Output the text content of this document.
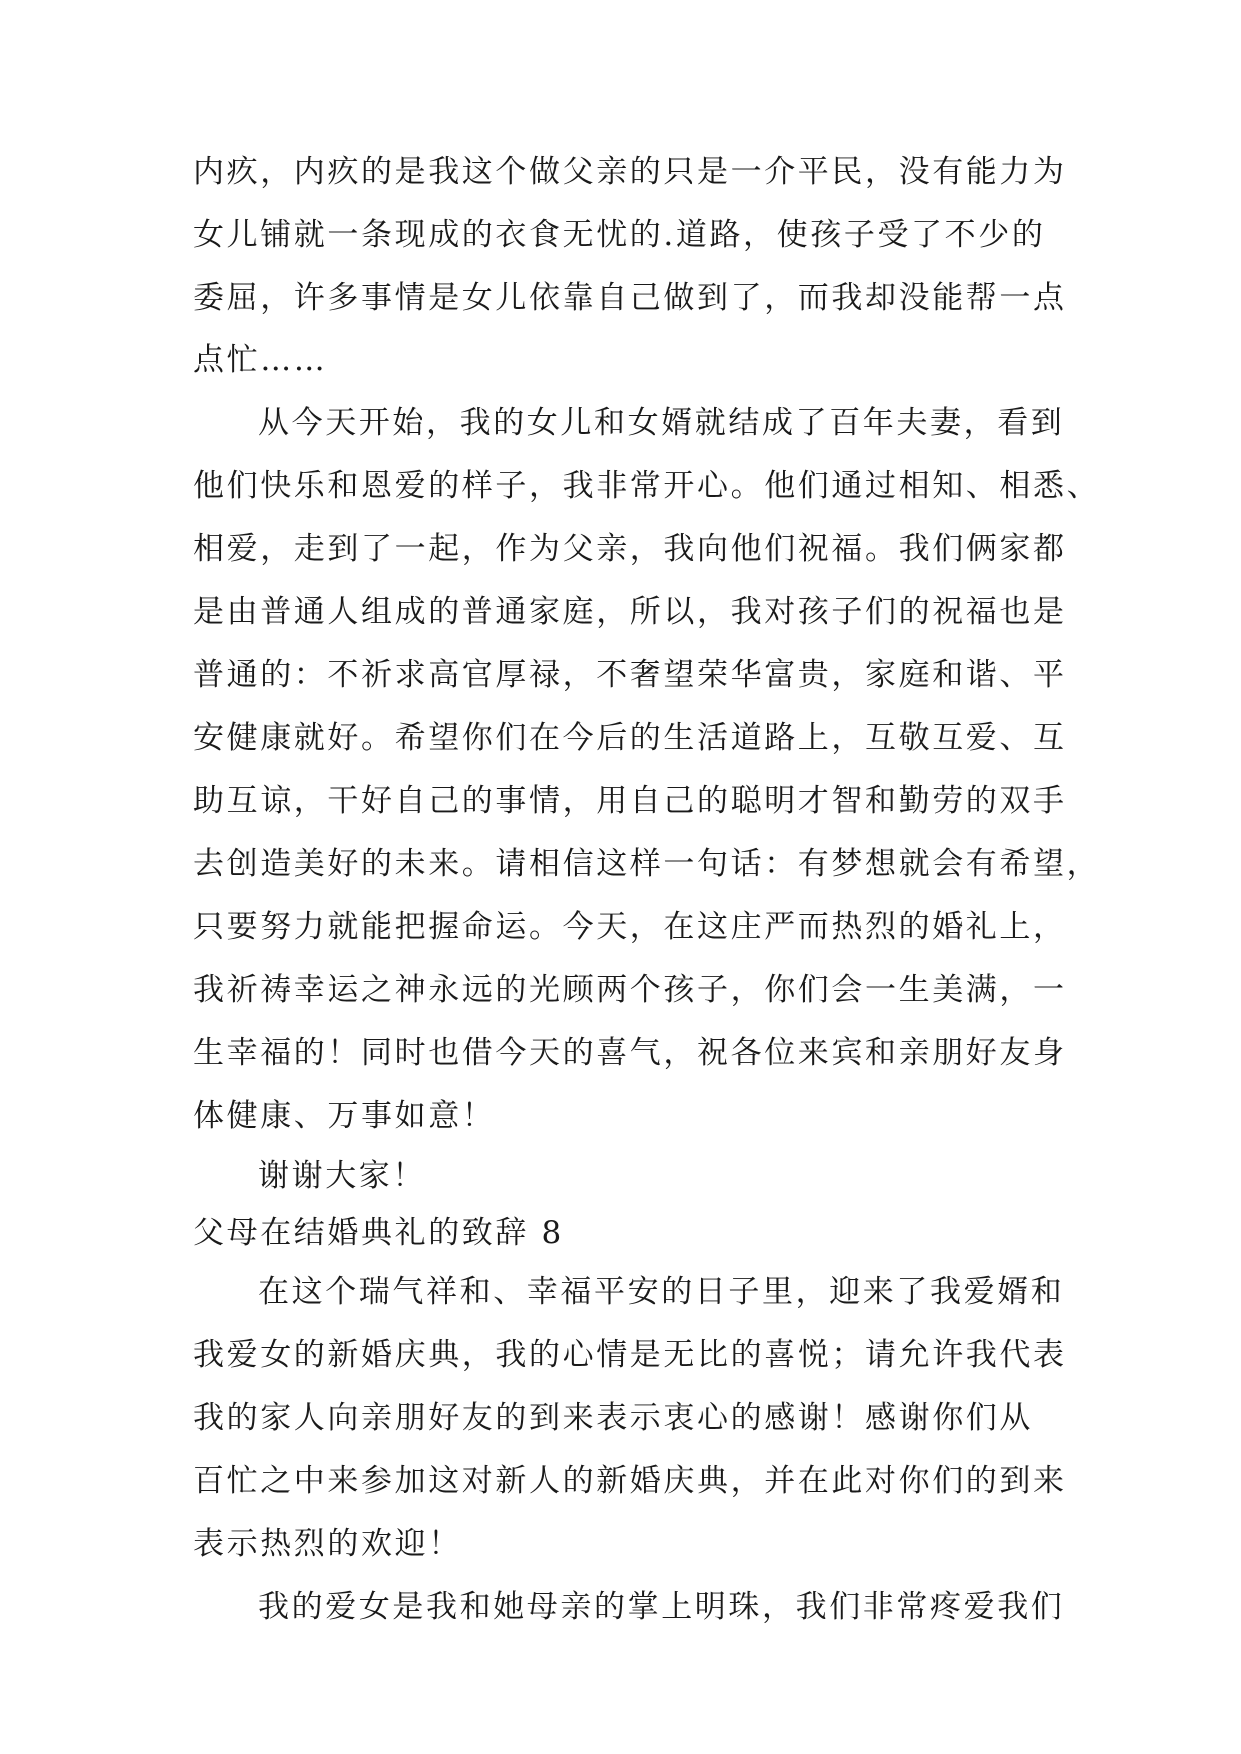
内疚，内疚的是我这个做父亲的只是一介平民，没有能力为
女儿铺就一条现成的衣食无忧的.道路，使孩子受了不少的
委屈，许多事情是女儿依靠自己做到了，而我却没能帮一点
点忙……
从今天开始，我的女儿和女婿就结成了百年夫妻，看到
他们快乐和恩爱的样子，我非常开心。他们通过相知、相悉、
相爱，走到了一起，作为父亲，我向他们祝福。我们俩家都
是由普通人组成的普通家庭，所以，我对孩子们的祝福也是
普通的：不祈求高官厚禄，不奢望荣华富贵，家庭和谐、平
安健康就好。希望你们在今后的生活道路上，互敬互爱、互
助互谅，干好自己的事情，用自己的聪明才智和勤劳的双手
去创造美好的未来。请相信这样一句话：有梦想就会有希望，
只要努力就能把握命运。今天，在这庄严而热烈的婚礼上，
我祈祷幸运之神永远的光顾两个孩子，你们会一生美满，一
生幸福的！同时也借今天的喜气，祝各位来宾和亲朋好友身
体健康、万事如意！
谢谢大家！
父母在结婚典礼的致辞 8
在这个瑞气祥和、幸福平安的日子里，迎来了我爱婿和
我爱女的新婚庆典，我的心情是无比的喜悦；请允许我代表
我的家人向亲朋好友的到来表示衷心的感谢！感谢你们从
百忙之中来参加这对新人的新婚庆典，并在此对你们的到来
表示热烈的欢迎！
我的爱女是我和她母亲的掌上明珠，我们非常疼爱我们
